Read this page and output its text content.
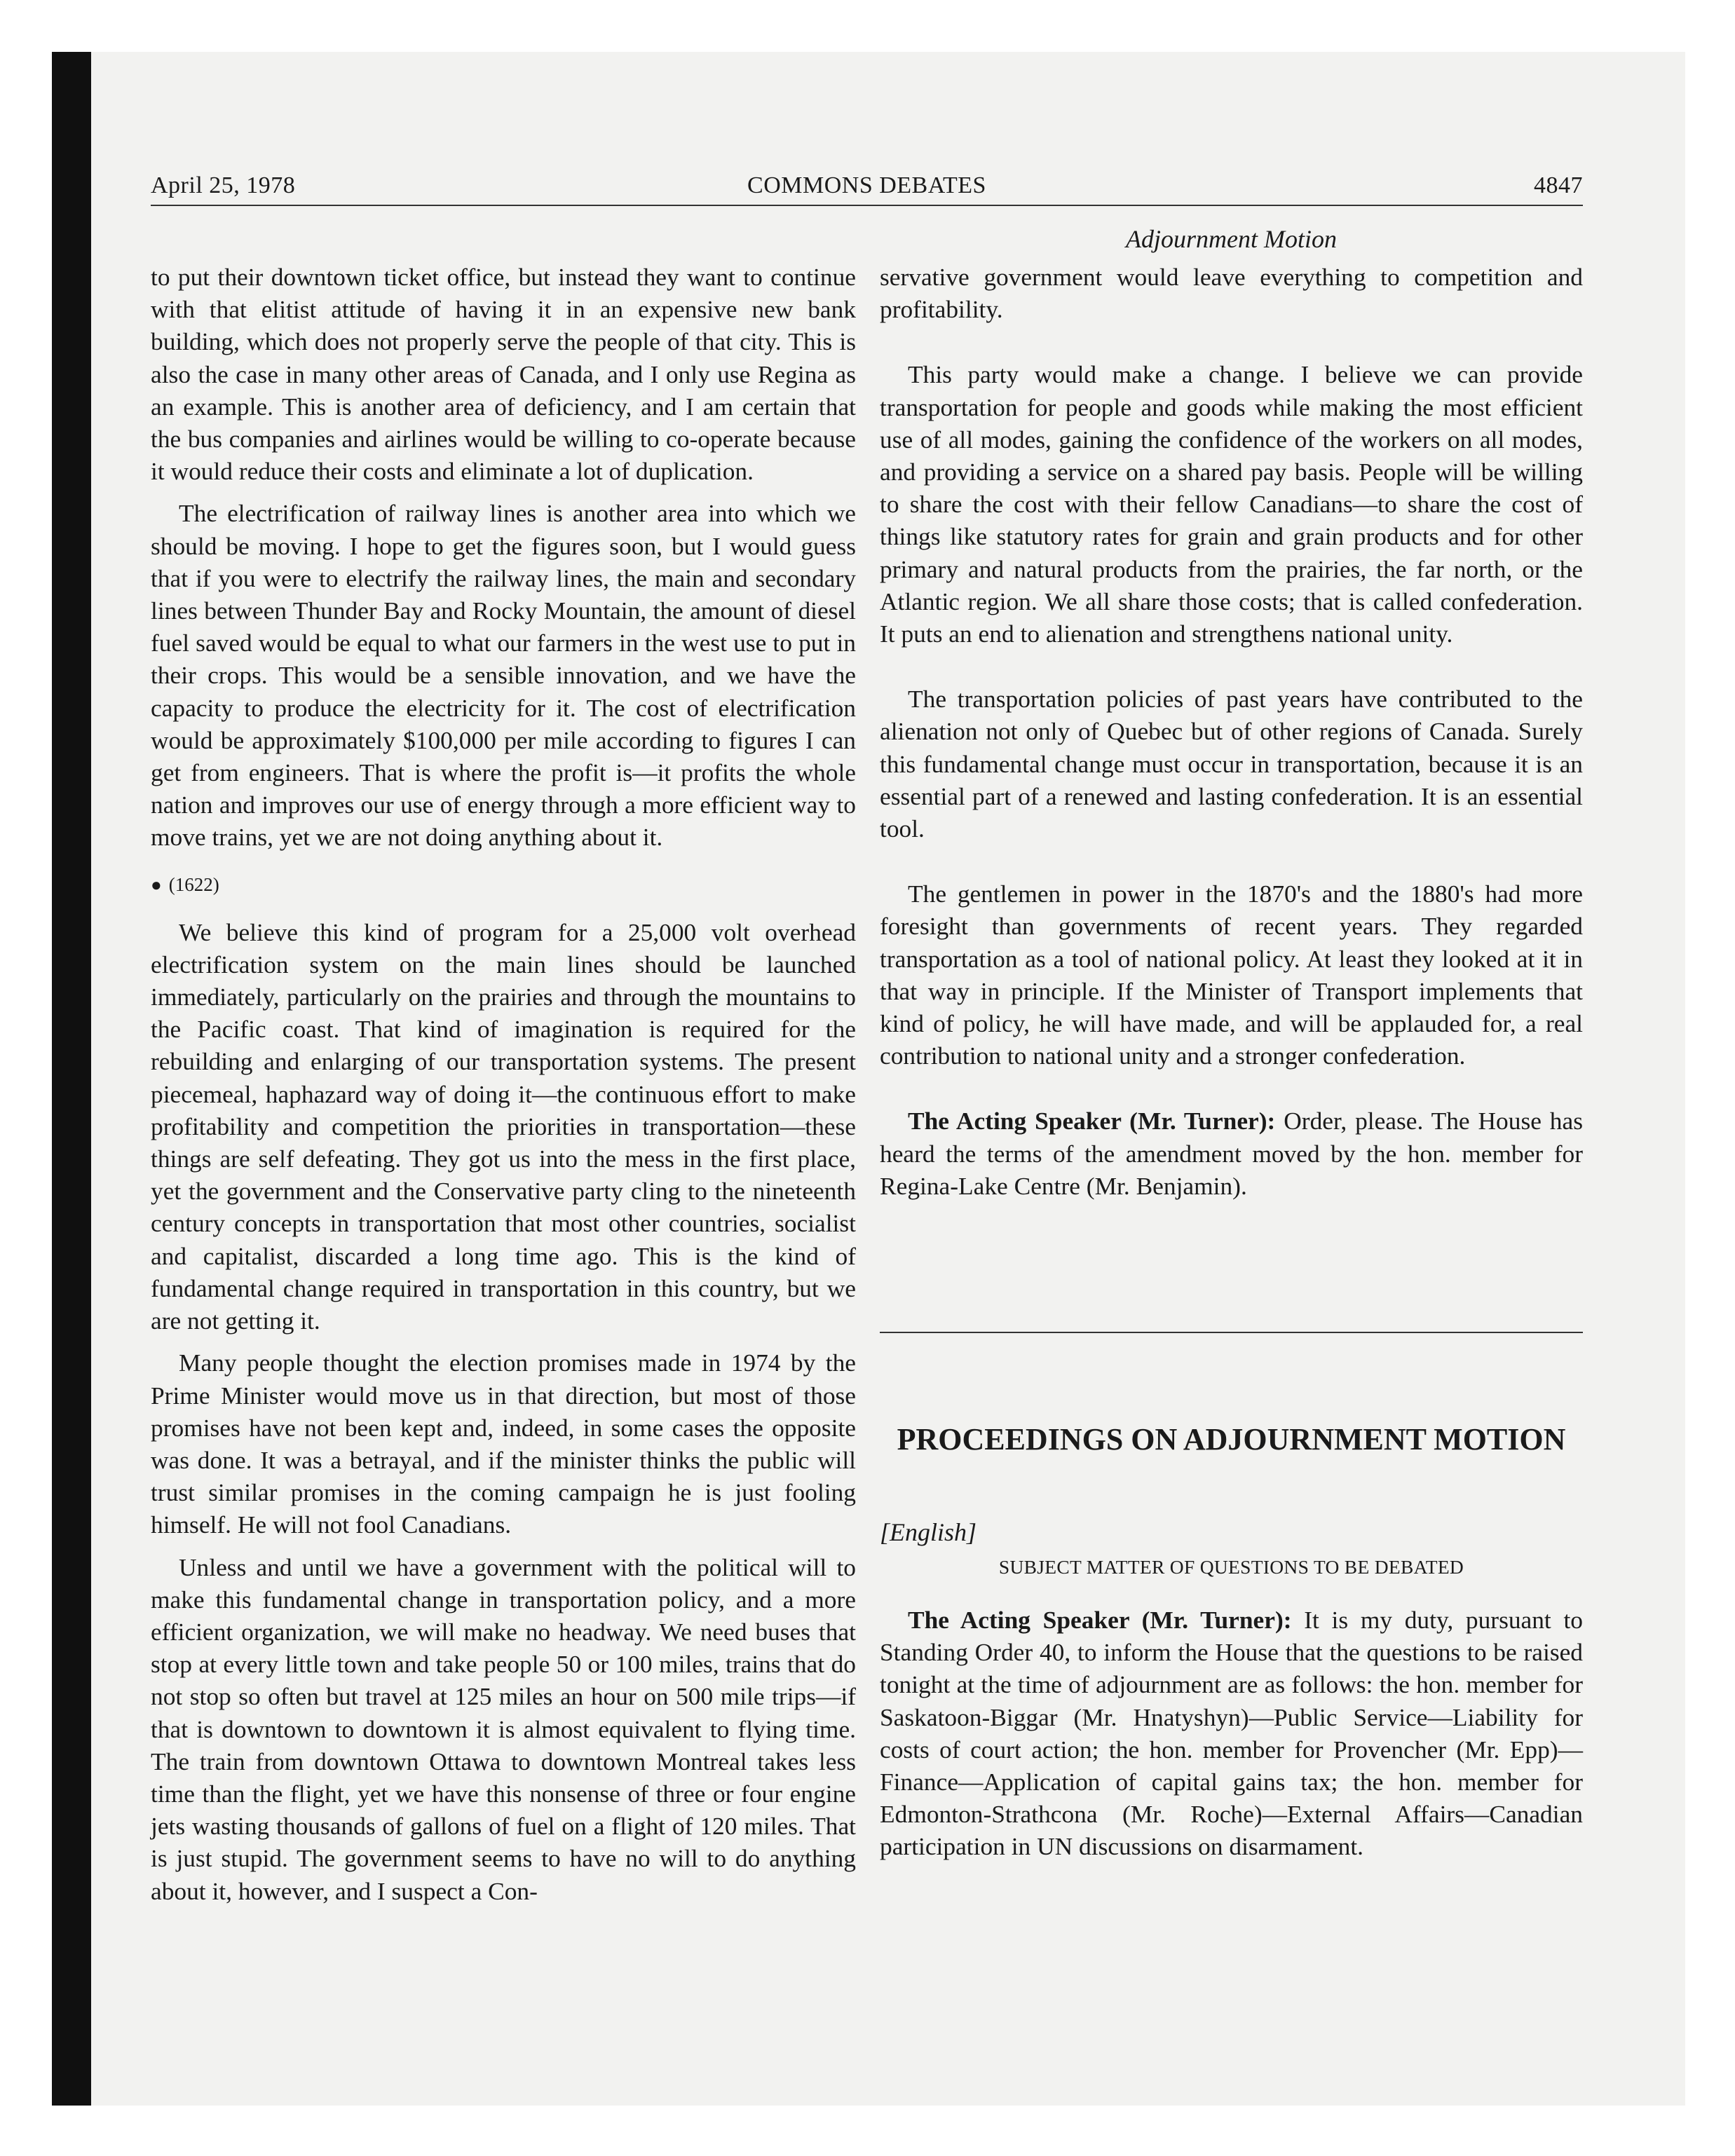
April 25, 1978	COMMONS DEBATES	4847
Adjournment Motion

to put their downtown ticket office, but instead they want to continue with that elitist attitude of having it in an expensive new bank building, which does not properly serve the people of that city. This is also the case in many other areas of Canada, and I only use Regina as an example. This is another area of deficiency, and I am certain that the bus companies and airlines would be willing to co-operate because it would reduce their costs and eliminate a lot of duplication.

The electrification of railway lines is another area into which we should be moving. I hope to get the figures soon, but I would guess that if you were to electrify the railway lines, the main and secondary lines between Thunder Bay and Rocky Mountain, the amount of diesel fuel saved would be equal to what our farmers in the west use to put in their crops. This would be a sensible innovation, and we have the capacity to produce the electricity for it. The cost of electrification would be approximately $100,000 per mile according to figures I can get from engineers. That is where the profit is—it profits the whole nation and improves our use of energy through a more efficient way to move trains, yet we are not doing anything about it.

● (1622)

We believe this kind of program for a 25,000 volt overhead electrification system on the main lines should be launched immediately, particularly on the prairies and through the mountains to the Pacific coast. That kind of imagination is required for the rebuilding and enlarging of our transportation systems. The present piecemeal, haphazard way of doing it—the continuous effort to make profitability and competition the priorities in transportation—these things are self defeating. They got us into the mess in the first place, yet the government and the Conservative party cling to the nineteenth century concepts in transportation that most other countries, socialist and capitalist, discarded a long time ago. This is the kind of fundamental change required in transportation in this country, but we are not getting it.

Many people thought the election promises made in 1974 by the Prime Minister would move us in that direction, but most of those promises have not been kept and, indeed, in some cases the opposite was done. It was a betrayal, and if the minister thinks the public will trust similar promises in the coming campaign he is just fooling himself. He will not fool Canadians.

Unless and until we have a government with the political will to make this fundamental change in transportation policy, and a more efficient organization, we will make no headway. We need buses that stop at every little town and take people 50 or 100 miles, trains that do not stop so often but travel at 125 miles an hour on 500 mile trips—if that is downtown to downtown it is almost equivalent to flying time. The train from downtown Ottawa to downtown Montreal takes less time than the flight, yet we have this nonsense of three or four engine jets wasting thousands of gallons of fuel on a flight of 120 miles. That is just stupid. The government seems to have no will to do anything about it, however, and I suspect a Con-

servative government would leave everything to competition and profitability.

This party would make a change. I believe we can provide transportation for people and goods while making the most efficient use of all modes, gaining the confidence of the workers on all modes, and providing a service on a shared pay basis. People will be willing to share the cost with their fellow Canadians—to share the cost of things like statutory rates for grain and grain products and for other primary and natural products from the prairies, the far north, or the Atlantic region. We all share those costs; that is called confederation. It puts an end to alienation and strengthens national unity.

The transportation policies of past years have contributed to the alienation not only of Quebec but of other regions of Canada. Surely this fundamental change must occur in transportation, because it is an essential part of a renewed and lasting confederation. It is an essential tool.

The gentlemen in power in the 1870's and the 1880's had more foresight than governments of recent years. They regarded transportation as a tool of national policy. At least they looked at it in that way in principle. If the Minister of Transport implements that kind of policy, he will have made, and will be applauded for, a real contribution to national unity and a stronger confederation.

The Acting Speaker (Mr. Turner): Order, please. The House has heard the terms of the amendment moved by the hon. member for Regina-Lake Centre (Mr. Benjamin).

PROCEEDINGS ON ADJOURNMENT MOTION
[English]
SUBJECT MATTER OF QUESTIONS TO BE DEBATED

The Acting Speaker (Mr. Turner): It is my duty, pursuant to Standing Order 40, to inform the House that the questions to be raised tonight at the time of adjournment are as follows: the hon. member for Saskatoon-Biggar (Mr. Hnatyshyn)—Public Service—Liability for costs of court action; the hon. member for Provencher (Mr. Epp)—Finance—Application of capital gains tax; the hon. member for Edmonton-Strathcona (Mr. Roche)—External Affairs—Canadian participation in UN discussions on disarmament.
